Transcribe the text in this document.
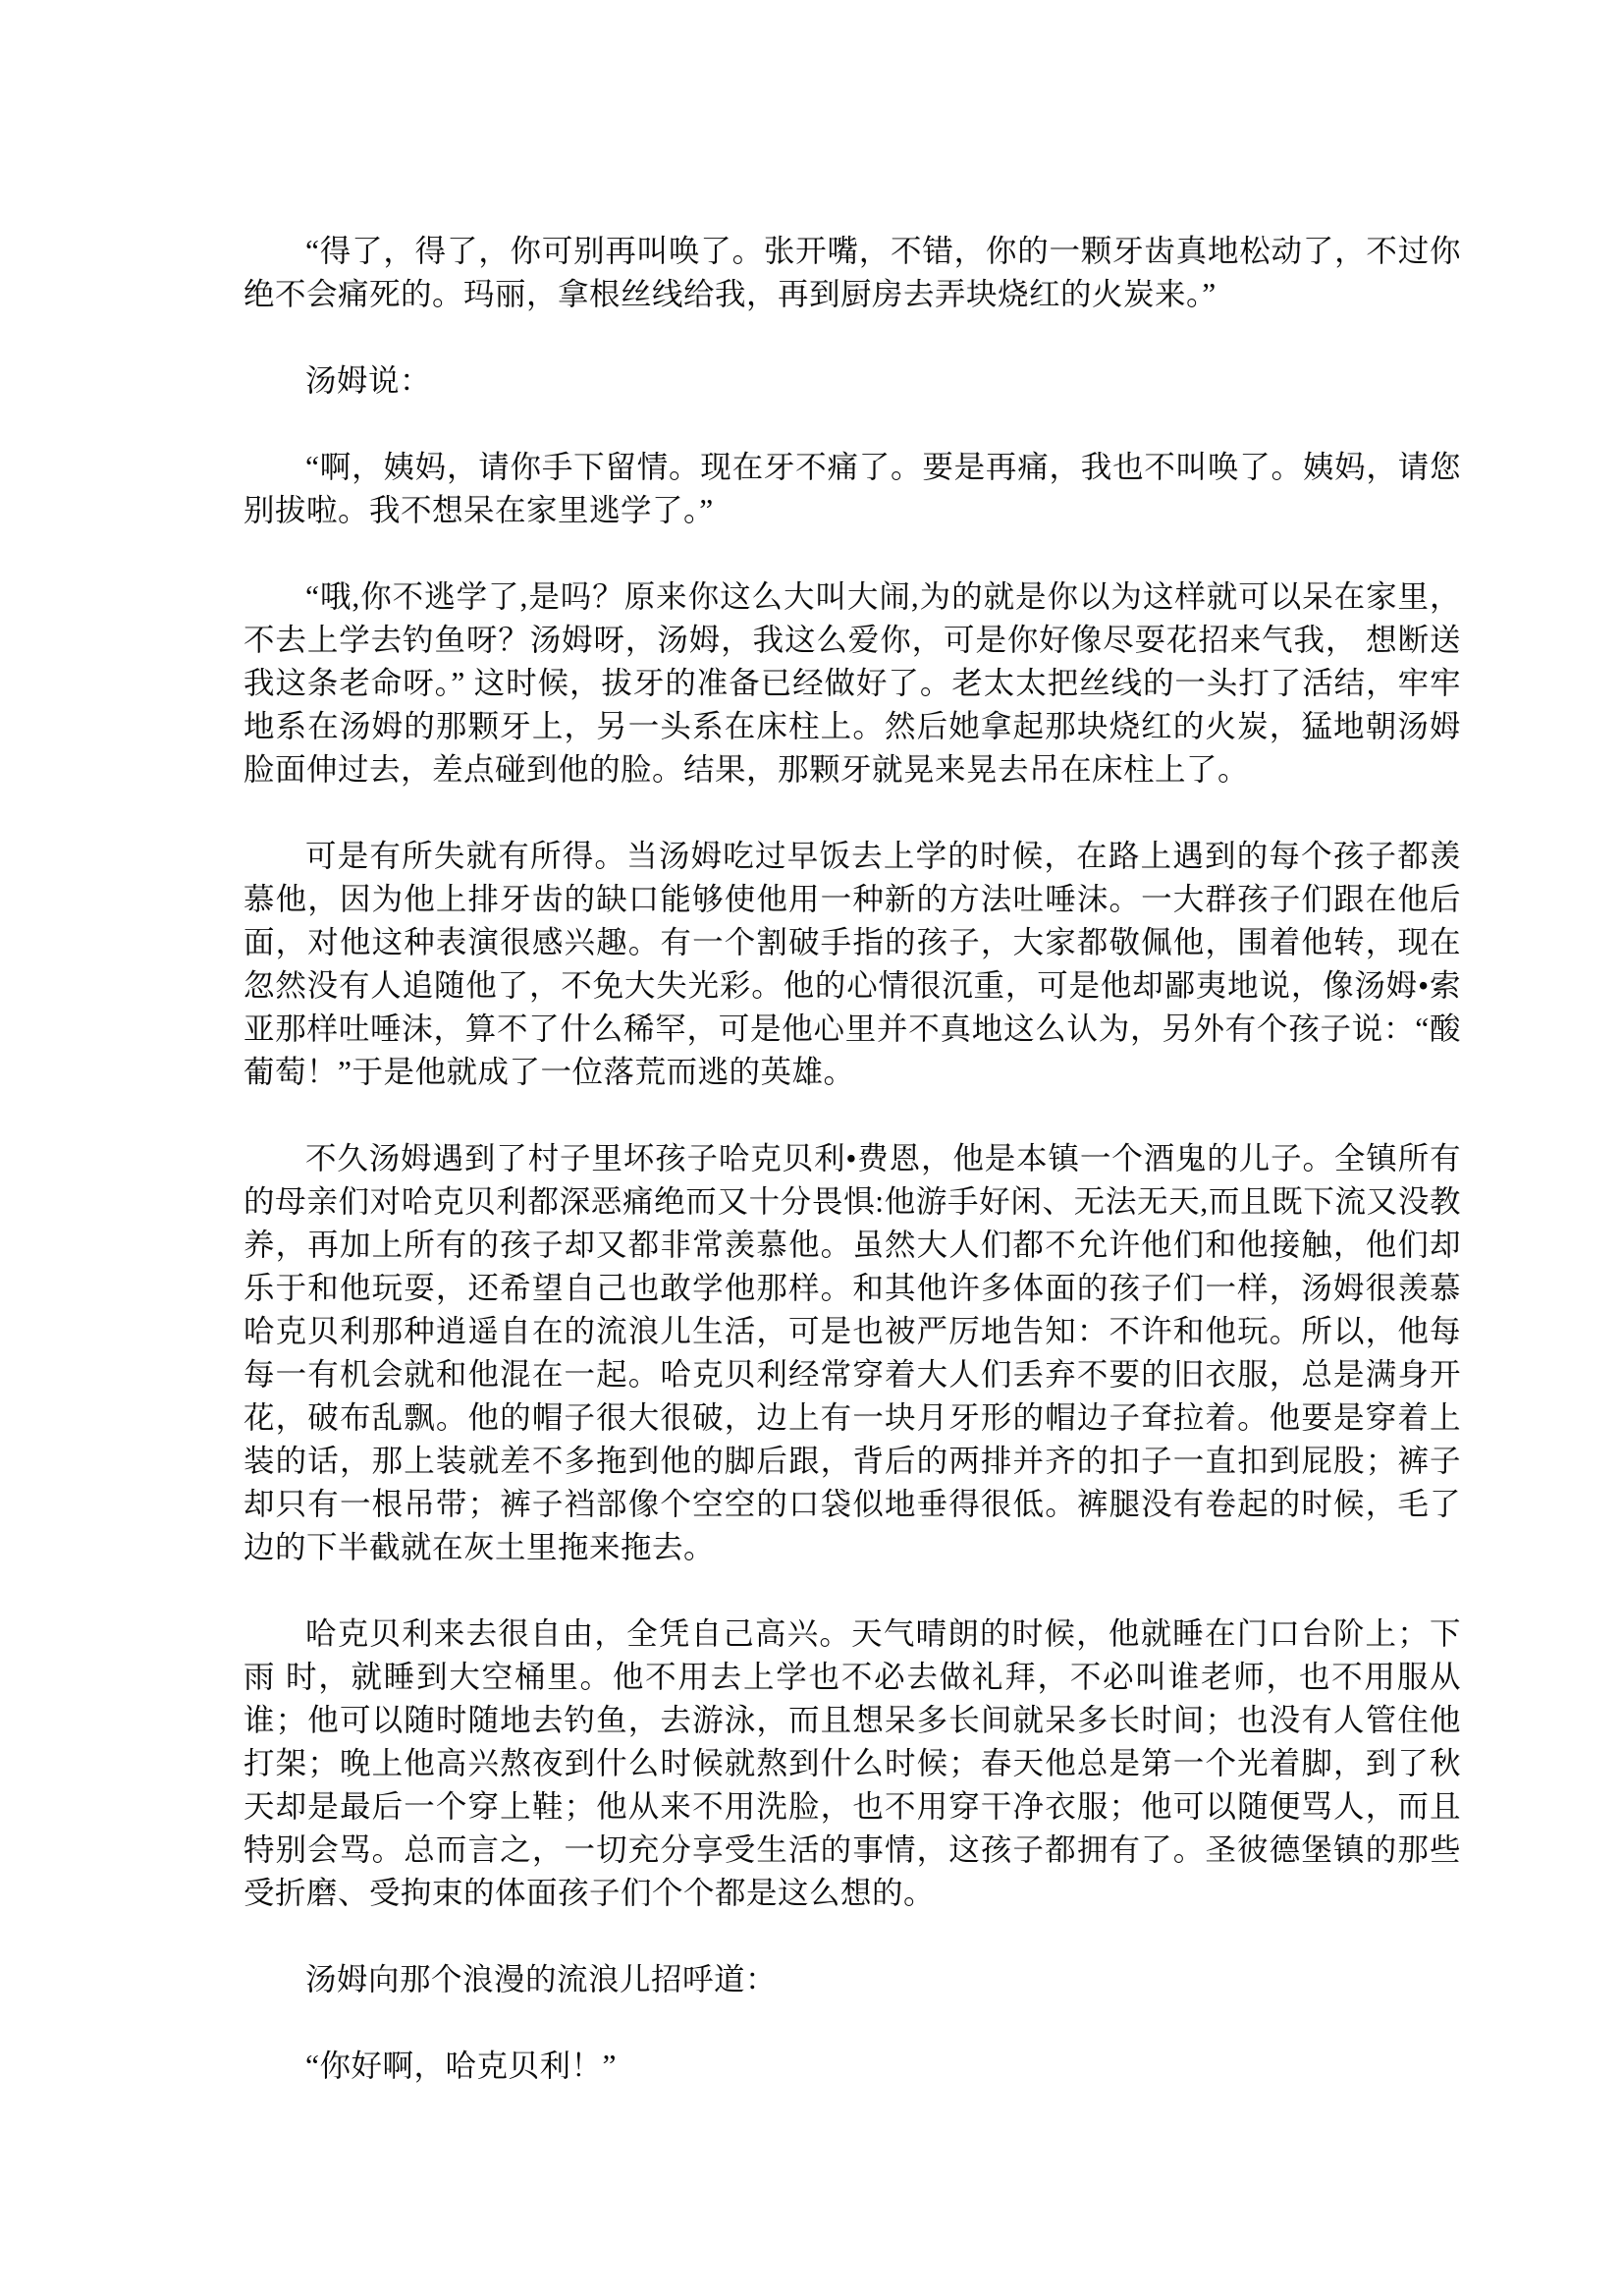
“得了，得了，你可别再叫唤了。张开嘴，不错，你的一颗牙齿真地松动了，不过你绝不会痛死的。玛丽，拿根丝线给我，再到厨房去弄块烧红的火炭来。”

汤姆说：

“啊，姨妈，请你手下留情。现在牙不痛了。要是再痛，我也不叫唤了。姨妈，请您别拔啦。我不想呆在家里逃学了。”

“哦,你不逃学了,是吗？原来你这么大叫大闹,为的就是你以为这样就可以呆在家里，不去上学去钓鱼呀？汤姆呀，汤姆，我这么爱你，可是你好像尽耍花招来气我， 想断送我这条老命呀。” 这时候，拔牙的准备已经做好了。老太太把丝线的一头打了活结，牢牢地系在汤姆的那颗牙上，另一头系在床柱上。然后她拿起那块烧红的火炭，猛地朝汤姆脸面伸过去，差点碰到他的脸。结果，那颗牙就晃来晃去吊在床柱上了。

可是有所失就有所得。当汤姆吃过早饭去上学的时候，在路上遇到的每个孩子都羡慕他，因为他上排牙齿的缺口能够使他用一种新的方法吐唾沫。一大群孩子们跟在他后面，对他这种表演很感兴趣。有一个割破手指的孩子，大家都敬佩他，围着他转，现在忽然没有人追随他了，不免大失光彩。他的心情很沉重，可是他却鄙夷地说，像汤姆•索亚那样吐唾沫，算不了什么稀罕，可是他心里并不真地这么认为，另外有个孩子说：“酸葡萄！”于是他就成了一位落荒而逃的英雄。

不久汤姆遇到了村子里坏孩子哈克贝利•费恩，他是本镇一个酒鬼的儿子。全镇所有的母亲们对哈克贝利都深恶痛绝而又十分畏惧:他游手好闲、无法无天,而且既下流又没教养，再加上所有的孩子却又都非常羡慕他。虽然大人们都不允许他们和他接触，他们却乐于和他玩耍，还希望自己也敢学他那样。和其他许多体面的孩子们一样，汤姆很羡慕哈克贝利那种逍遥自在的流浪儿生活，可是也被严厉地告知：不许和他玩。所以，他每每一有机会就和他混在一起。哈克贝利经常穿着大人们丢弃不要的旧衣服，总是满身开花，破布乱飘。他的帽子很大很破，边上有一块月牙形的帽边子耷拉着。他要是穿着上装的话，那上装就差不多拖到他的脚后跟，背后的两排并齐的扣子一直扣到屁股；裤子却只有一根吊带；裤子裆部像个空空的口袋似地垂得很低。裤腿没有卷起的时候，毛了边的下半截就在灰土里拖来拖去。

哈克贝利来去很自由，全凭自己高兴。天气晴朗的时候，他就睡在门口台阶上；下雨 时，就睡到大空桶里。他不用去上学也不必去做礼拜，不必叫谁老师，也不用服从谁；他可以随时随地去钓鱼，去游泳，而且想呆多长间就呆多长时间；也没有人管住他打架；晚上他高兴熬夜到什么时候就熬到什么时候；春天他总是第一个光着脚，到了秋天却是最后一个穿上鞋；他从来不用洗脸，也不用穿干净衣服；他可以随便骂人，而且特别会骂。总而言之，一切充分享受生活的事情，这孩子都拥有了。圣彼德堡镇的那些受折磨、受拘束的体面孩子们个个都是这么想的。

汤姆向那个浪漫的流浪儿招呼道：

“你好啊，哈克贝利！”
